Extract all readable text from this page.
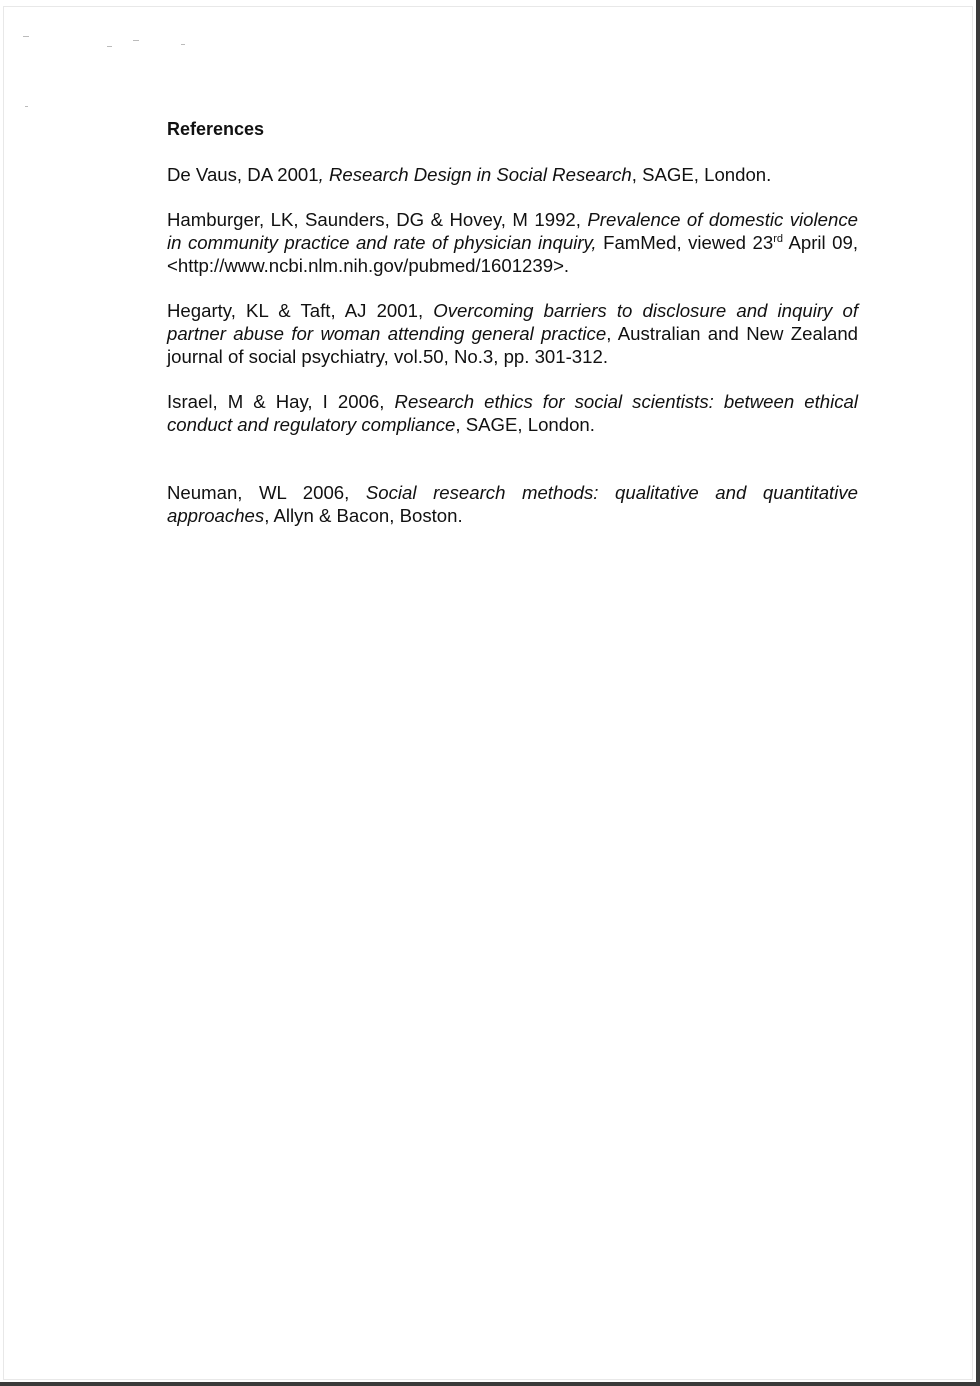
References

De Vaus, DA 2001, Research Design in Social Research, SAGE, London.

Hamburger, LK, Saunders, DG & Hovey, M 1992, Prevalence of domestic violence in community practice and rate of physician inquiry, FamMed, viewed 23rd April 09, <http://www.ncbi.nlm.nih.gov/pubmed/1601239>.

Hegarty, KL & Taft, AJ 2001, Overcoming barriers to disclosure and inquiry of partner abuse for woman attending general practice, Australian and New Zealand journal of social psychiatry, vol.50, No.3, pp. 301-312.

Israel, M & Hay, I 2006, Research ethics for social scientists: between ethical conduct and regulatory compliance, SAGE, London.

Neuman, WL 2006, Social research methods: qualitative and quantitative approaches, Allyn & Bacon, Boston.
